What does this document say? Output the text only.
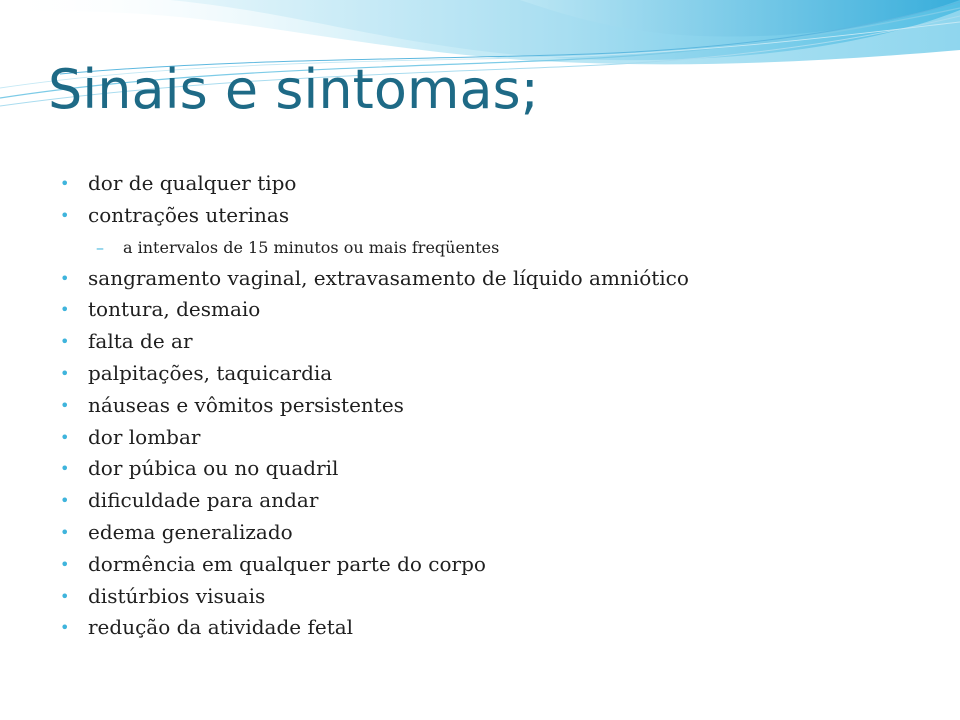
Sinais e sintomas;
• dor de qualquer tipo
• contrações uterinas
– a intervalos de 15 minutos ou mais freqüentes
• sangramento vaginal, extravasamento de líquido amniótico
• tontura, desmaio
• falta de ar
• palpitações, taquicardia
• náuseas e vômitos persistentes
• dor lombar
• dor púbica ou no quadril
• dificuldade para andar
• edema generalizado
• dormência em qualquer parte do corpo
• distúrbios visuais
• redução da atividade fetal
